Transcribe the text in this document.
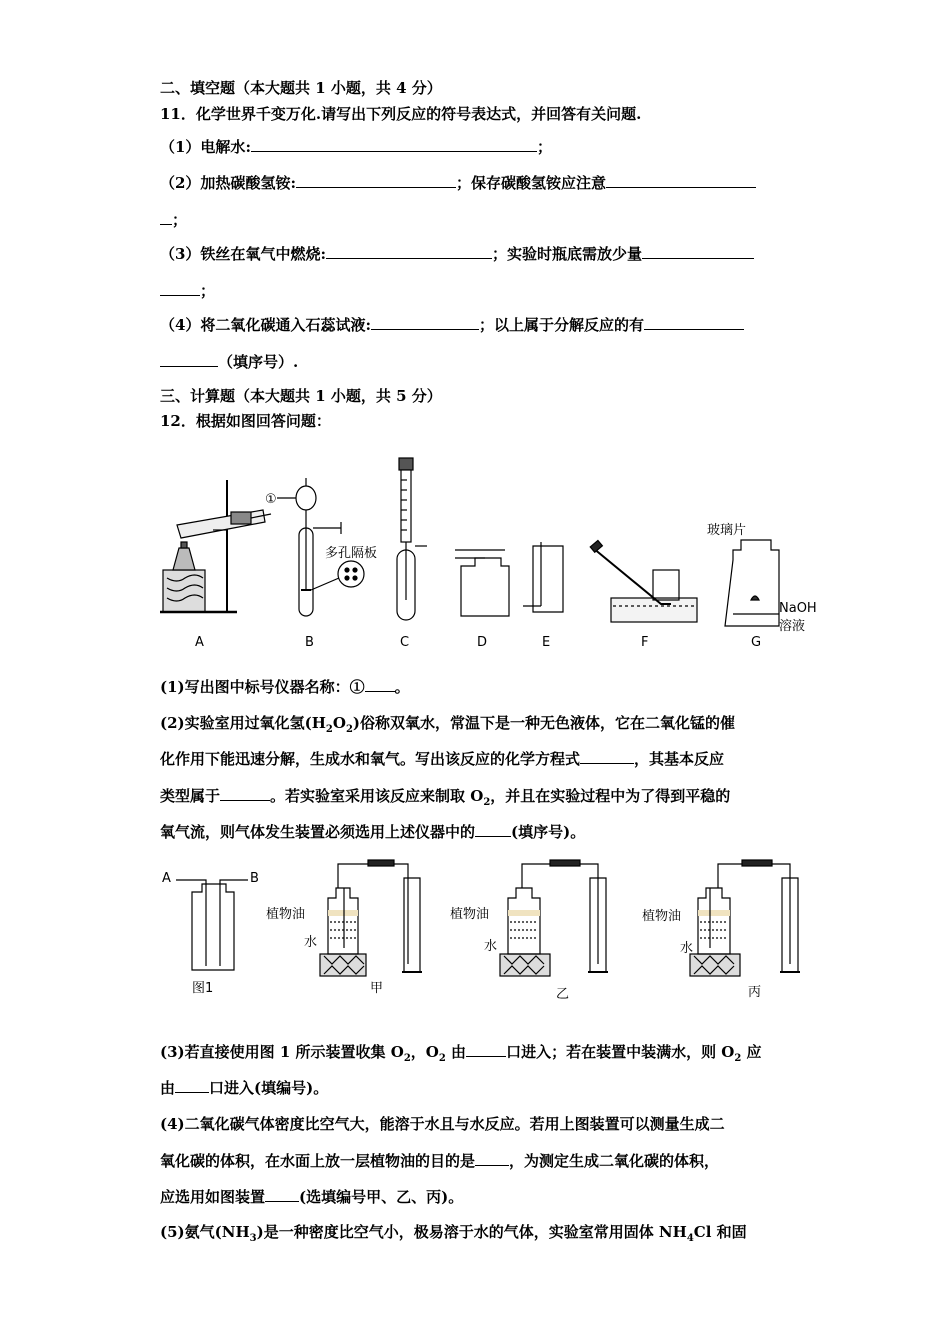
二、填空题（本大题共 1 小题，共 4 分）
11．化学世界千变万化.请写出下列反应的符号表达式，并回答有关问题.
（1）电解水:	；
（2）加热碳酸氢铵:	；保存碳酸氢铵应注意
；
（3）铁丝在氧气中燃烧:	；实验时瓶底需放少量
；
（4）将二氧化碳通入石蕊试液:	；以上属于分解反应的有
（填序号）.
三、计算题（本大题共 1 小题，共 5 分）
12．根据如图回答问题：
A	B	C	D	E	F	G
①
多孔隔板
玻璃片
NaOH
溶液
(1)写出图中标号仪器名称：① 。
(2)实验室用过氧化氢$(H_2O_2)$俗称双氧水，常温下是一种无色液体，它在二氧化锰的催
化作用下能迅速分解，生成水和氧气。写出该反应的化学方程式	，其基本反应
类型属于	。若实验室采用该反应来制取 $O_2$，并且在实验过程中为了得到平稳的
氧气流，则气体发生装置必须选用上述仪器中的 (填序号)。
A	B
图1
植物油
水
甲
植物油
水
乙
植物油
水
丙
(3)若直接使用图 1 所示装置收集 $O_2$，$O_2$ 由	口进入；若在装置中装满水，则 $O_2$ 应
由 口进入(填编号)。
(4)二氧化碳气体密度比空气大，能溶于水且与水反应。若用上图装置可以测量生成二
氧化碳的体积，在水面上放一层植物油的目的是 ，为测定生成二氧化碳的体积，
应选用如图装置 (选填编号甲、乙、丙)。
(5)氨气$(NH_3)$是一种密度比空气小，极易溶于水的气体，实验室常用固体 $NH_4Cl$ 和固
